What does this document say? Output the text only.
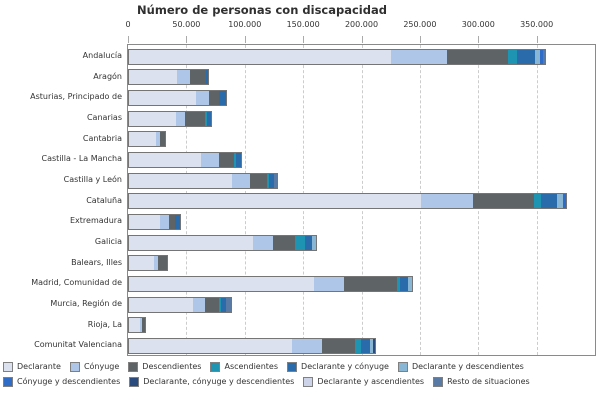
Número de personas con discapacidad
0	50.000	100.000	150.000	200.000	250.000	300.000	350.000
Andalucía
Aragón
Asturias, Principado de
Canarias
Cantabria
Castilla - La Mancha
Castilla y León
Cataluña
Extremadura
Galicia
Balears, Illes
Madrid, Comunidad de
Murcia, Región de
Rioja, La
Comunitat Valenciana
Declarante	Cónyuge	Descendientes	Ascendientes	Declarante y cónyuge	Declarante y descendientes
Cónyuge y descendientes	Declarante, cónyuge y descendientes	Declarante y ascendientes	Resto de situaciones
